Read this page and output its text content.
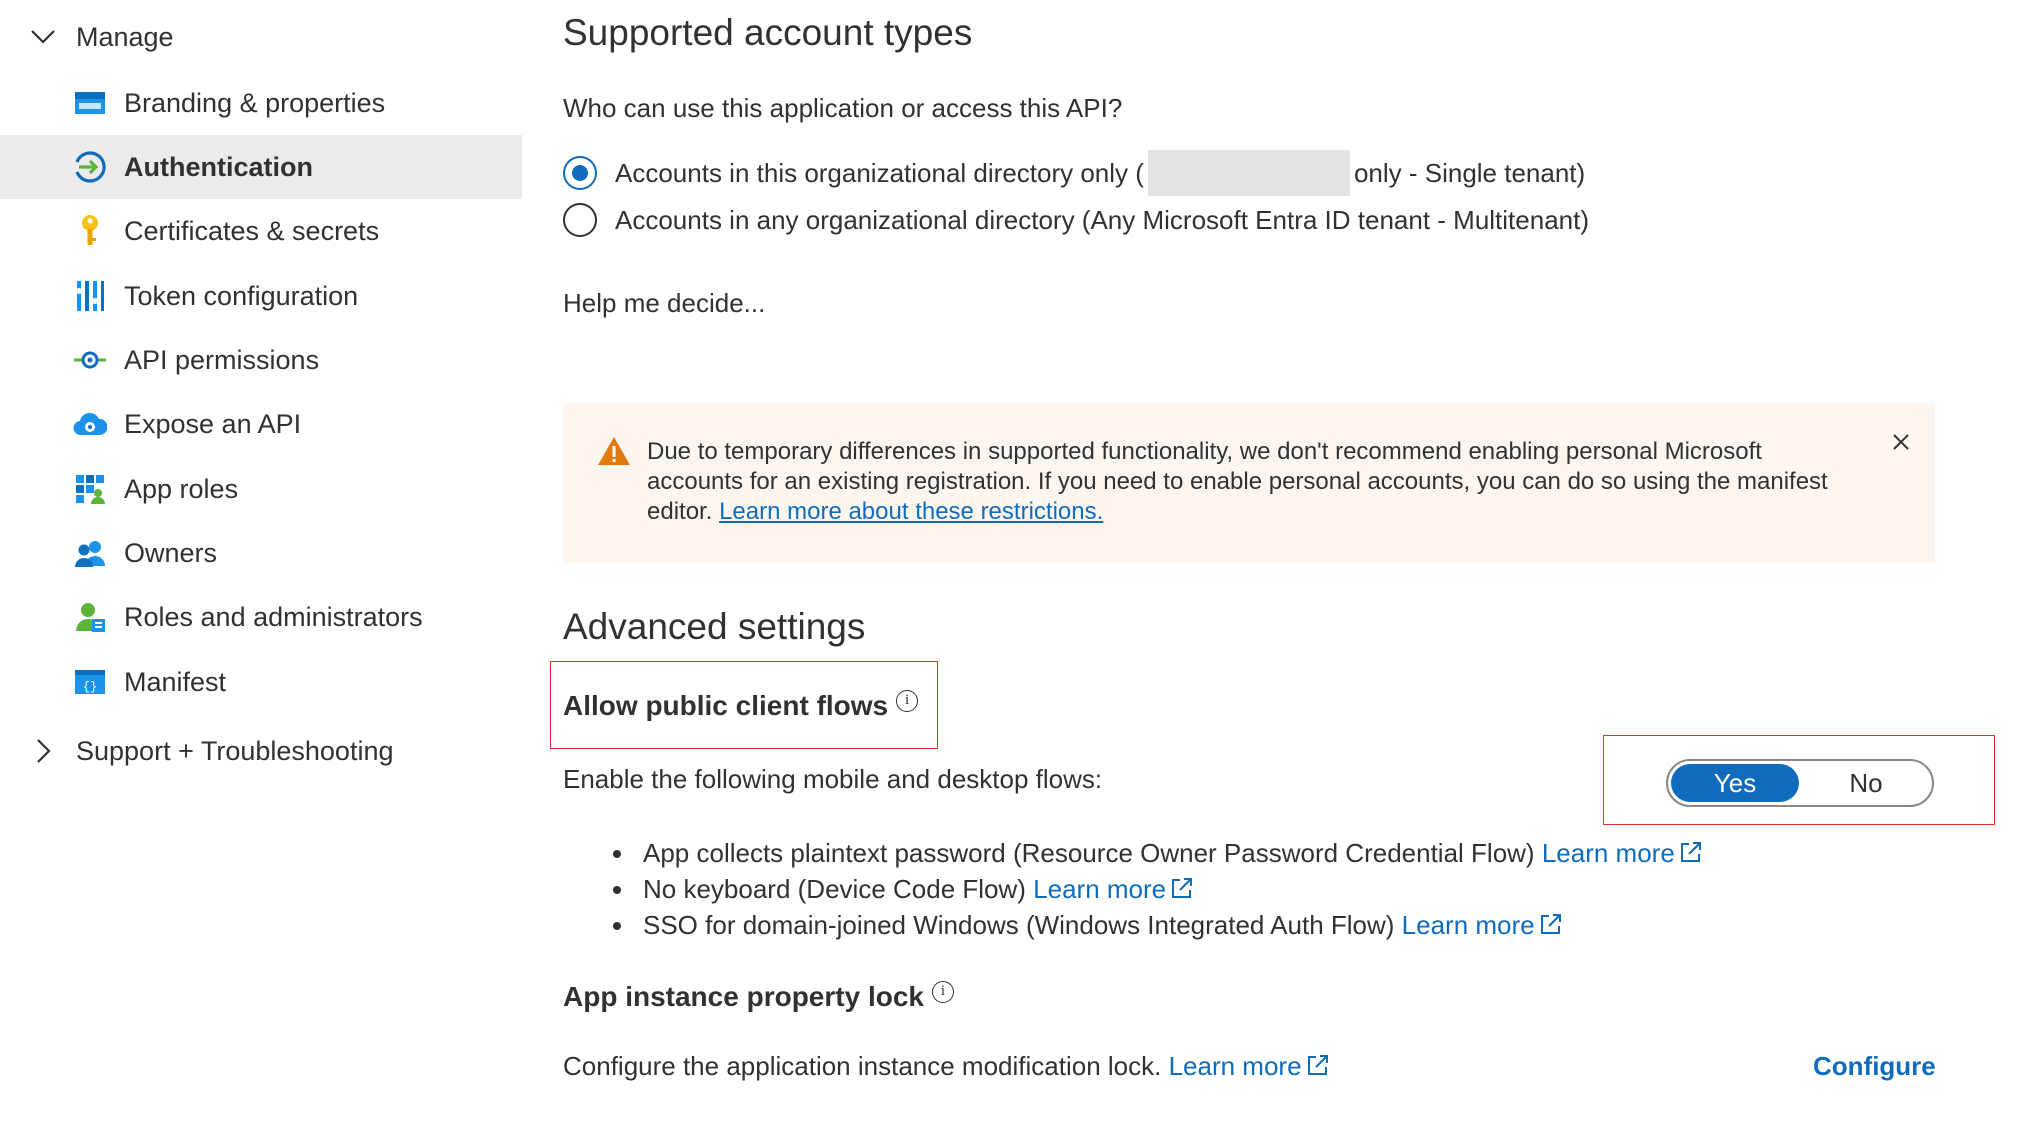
Manage
Branding & properties
Authentication
Certificates & secrets
Token configuration
API permissions
Expose an API
App roles
Owners
Roles and administrators
{} Manifest
Support + Troubleshooting
Supported account types
Who can use this application or access this API?
Accounts in this organizational directory only (	only - Single tenant)
Accounts in any organizational directory (Any Microsoft Entra ID tenant - Multitenant)
Help me decide...
Due to temporary differences in supported functionality, we don't recommend enabling personal Microsoft accounts for an existing registration. If you need to enable personal accounts, you can do so using the manifest editor. Learn more about these restrictions.
Advanced settings
Allow public client flows i
Enable the following mobile and desktop flows:	Yes	No
App collects plaintext password (Resource Owner Password Credential Flow) Learn more
No keyboard (Device Code Flow) Learn more
SSO for domain-joined Windows (Windows Integrated Auth Flow) Learn more
App instance property lock i
Configure the application instance modification lock. Learn more	Configure
